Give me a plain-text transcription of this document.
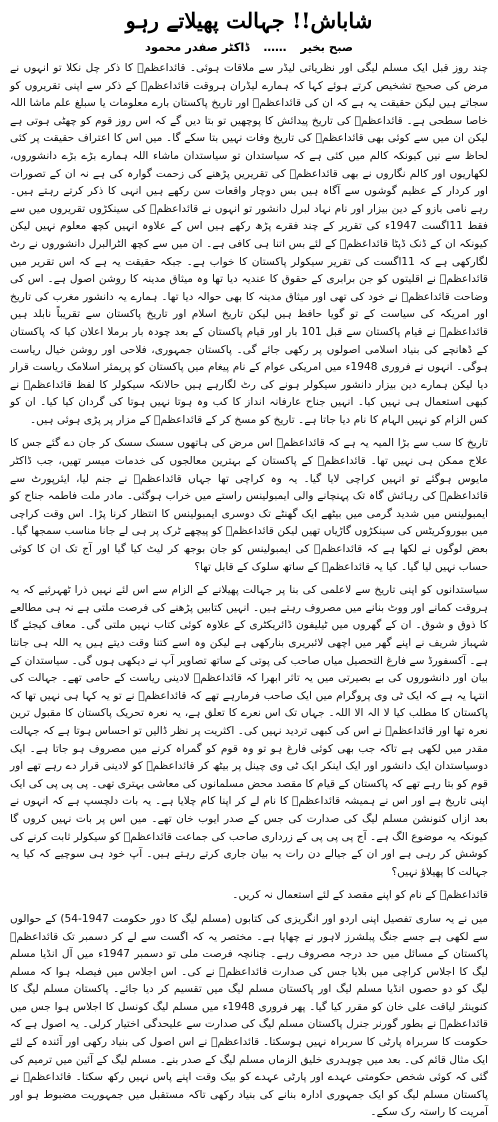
شاباش!! جہالت پھیلاتے رہو
صبح بخیر
……
ڈاکٹر صفدر محمود

چند روز قبل ایک مسلم لیگی اور نظریاتی لیڈر سے ملاقات ہوئی۔ قائداعظمؒ کا ذکر چل نکلا تو انہوں نے مرض کی صحیح تشخیص کرتے ہوئے کہا کہ ہمارے لیڈران ہروقت قائداعظمؒ کے ذکر سے اپنی تقریروں کو سجاتے ہیں لیکن حقیقت یہ ہے کہ ان کی قائداعظمؒ اور تاریخ پاکستان بارے معلومات یا سبلغ علم ماشا اللہ خاصا سطحی ہے۔ قائداعظمؒ کی تاریخ پیدائش کا پوچھیں تو بتا دیں گے کہ اس روز قوم کو چھٹی ہوتی ہے لیکن ان میں سے کوئی بھی قائداعظمؒ کی تاریخ وفات نہیں بتا سکے گا۔ میں اس کا اعتراف حقیقت پر کئی لحاظ سے نیں کیونکہ کالم میں کئی ہے کہ سیاستدان تو سیاستدان ماشاء اللہ ہمارے بڑے بڑے دانشوروں، لکھاریوں اور کالم نگاروں نے بھی قائداعظمؒ کی تقریریں پڑھنے کی زحمت گوارہ کی ہے نہ ان کے تصورات اور کردار کے عظیم گوشوں سے آگاہ ہیں بس دوچار واقعات سن رکھے ہیں انہی کا ذکر کرتے رہتے ہیں۔ رہے نامی بازو کے دین بیزار اور نام نہاد لبرل دانشور تو انہوں نے قائداعظمؒ کی سینکڑوں تقریروں میں سے فقط 11اگست 1947ء کی تقریر کے چند فقرے پڑھ رکھے ہیں اس کے علاوہ انہیں کچھ معلوم نہیں لیکن کیونکہ ان کے ڈنک ڈپٹا قائداعظمؒ کے لئے بس اتنا ہی کافی ہے۔ ان میں سے کچھ الٹرالبرل دانشوروں نے رٹ لگارکھی ہے کہ 11اگست کی تقریر سیکولر پاکستان کا خواب ہے۔ جبکہ حقیقت یہ ہے کہ اس تقریر میں قائداعظمؒ نے اقلیتوں کو جن برابری کے حقوق کا عندیہ دیا تھا وہ میثاق مدینہ کا روشن اصول ہے۔ اس کی وضاحت قائداعظمؒ نے خود کی تھی اور میثاق مدینہ کا بھی حوالہ دیا تھا۔ ہمارے یہ دانشور مغرب کی تاریخ اور امریکہ کی سیاست کے تو گویا حافظ ہیں لیکن تاریخ اسلام اور تاریخ پاکستان سے تقریباً نابلد ہیں قائداعظمؒ نے قیام پاکستان سے قبل 101 بار اور قیام پاکستان کے بعد چودہ بار برملا اعلان کیا کہ پاکستان کے ڈھانچے کی بنیاد اسلامی اصولوں پر رکھی جائے گی۔ پاکستان جمہوری، فلاحی اور روشن خیال ریاست ہوگی۔ انہوں نے فروری 1948ء میں امریکی عوام کے نام پیغام میں پاکستان کو پریمئر اسلامک ریاست قرار دیا لیکن ہمارے دین بیزار دانشور سیکولر ہونے کی رٹ لگارہے ہیں حالانکہ سیکولر کا لفظ قائداعظمؒ نے کبھی استعمال ہی نہیں کیا۔ انہیں جناح عارفانہ انداز کا کب وہ ہوتا نہیں ہوتا کی گردان کیا کیا۔ ان کو کس الزام کو نہیں الہام کا نام دیا جاتا ہے۔ تاریخ کو مسخ کر کے قائداعظمؒ کے مزار پر پڑی ہوئی ہیں۔

تاریخ کا سب سے بڑا المیہ یہ ہے کہ قائداعظمؒ اس مرض کی ہاتھوں سسک سسک کر جان دے گئے جس کا علاج ممکن ہی نہیں تھا۔ قائداعظمؒ کے پاکستان کے بہترین معالجوں کی خدمات میسر تھیں، جب ڈاکٹر مایوس ہوگئے تو انہیں کراچی لایا گیا۔ یہ وہ کراچی تھا جہاں قائداعظمؒ نے جنم لیا، ایئرپورٹ سے قائداعظمؒ کی رہائش گاہ تک پہنچانے والی ایمبولینس راستے میں خراب ہوگئی۔ مادر ملت فاطمہ جناح کو ایمبولینس میں شدید گرمی میں بیٹھے ایک گھنٹے تک دوسری ایمبولینس کا انتظار کرنا پڑا۔ اس وقت کراچی میں بیوروکریٹس کی سینکڑوں گاڑیاں تھیں لیکن قائداعظمؒ کو پیچھے ٹرک پر ہی لے جانا مناسب سمجھا گیا۔ بعض لوگوں نے لکھا ہے کہ قائداعظمؒ کی ایمبولینس کو جان بوجھ کر لیٹ کیا گیا اور آج تک ان کا کوئی حساب نہیں لیا گیا۔ کیا یہ قائداعظمؒ کے ساتھ سلوک کے قابل تھا؟

سیاستدانوں کو اپنی تاریخ سے لاعلمی کی بنا پر جہالت پھیلانے کے الزام سے اس لئے نہیں ذرا ٹھہرئیے کہ یہ ہروقت کمانے اور ووٹ بنانے میں مصروف رہتے ہیں۔ انہیں کتابیں پڑھنے کی فرصت ملتی ہے نہ ہی مطالعے کا ذوق و شوق۔ ان کے گھروں میں ٹیلیفون ڈائریکٹری کے علاوہ کوئی کتاب نہیں ملتی گی۔ معاف کیجئے گا شہباز شریف نے اپنے گھر میں اچھی لائبریری بنارکھی ہے لیکن وہ اسے کتنا وقت دیتے ہیں یہ اللہ ہی جانتا ہے۔ آکسفورڈ سے فارغ التحصیل میاں صاحب کی پوتی کے ساتھ تصاویر آپ نے دیکھی ہوں گی۔ سیاستدان کے بیان اور دانشوروں کی بے بصیرتی میں یہ تاثر ابھرا کہ قائداعظمؒ لادینی ریاست کے حامی تھے۔ جہالت کی انتہا یہ ہے کہ ایک ٹی وی پروگرام میں ایک صاحب فرمارہے تھے کہ قائداعظمؒ نے تو یہ کہا ہی نہیں تھا کہ پاکستان کا مطلب کیا لا الہ الا اللہ۔ جہاں تک اس نعرے کا تعلق ہے، یہ نعرہ تحریک پاکستان کا مقبول ترین نعرہ تھا اور قائداعظمؒ نے اس کی کبھی تردید نہیں کی۔ اکثریت پر نظر ڈالیں تو احساس ہوتا ہے کہ جہالت مقدر میں لکھی ہے تاکہ جب بھی کوئی فارغ ہو تو وہ قوم کو گمراہ کرنے میں مصروف ہو جاتا ہے۔ ایک دوسیاستدان ایک دانشور اور ایک اینکر ایک ٹی وی چینل پر بیٹھ کر قائداعظمؒ کو لادینی قرار دے رہے تھے اور قوم کو بتا رہے تھے کہ پاکستان کے قیام کا مقصد محض مسلمانوں کی معاشی بہتری تھی۔ پی پی پی کی ایک اپنی تاریخ ہے اور اس نے ہمیشہ قائداعظمؒ کا نام لے کر اپنا کام چلایا ہے۔ یہ بات دلچسپ ہے کہ انہوں نے بعد ازاں کنونشن مسلم لیگ کی صدارت کی جس کے صدر ایوب خان تھے۔ میں اس پر بات نہیں کروں گا کیونکہ یہ موضوع الگ ہے۔ آج پی پی پی کے زرداری صاحب کی جماعت قائداعظمؒ کو سیکولر ثابت کرنے کی کوشش کر رہی ہے اور ان کے جیالے دن رات یہ بیان جاری کرتے رہتے ہیں۔ آپ خود ہی سوچیے کہ کیا یہ جہالت کا پھیلاؤ نہیں؟

قائداعظمؒ کے نام کو اپنے مقصد کے لئے استعمال نہ کریں۔

میں نے یہ ساری تفصیل اپنی اردو اور انگریزی کی کتابوں (مسلم لیگ کا دور حکومت 1947-54) کے حوالوں سے لکھی ہے جسے جنگ پبلشرز لاہور نے چھاپا ہے۔ مختصر یہ کہ اگست سے لے کر دسمبر تک قائداعظمؒ پاکستان کے مسائل میں حد درجہ مصروف رہے۔ چنانچہ فرصت ملی تو دسمبر 1947ء میں آل انڈیا مسلم لیگ کا اجلاس کراچی میں بلایا جس کی صدارت قائداعظمؒ نے کی۔ اس اجلاس میں فیصلہ ہوا کہ مسلم لیگ کو دو حصوں انڈیا مسلم لیگ اور پاکستان مسلم لیگ میں تقسیم کر دیا جائے۔ پاکستان مسلم لیگ کا کنوینئر لیاقت علی خان کو مقرر کیا گیا۔ پھر فروری 1948ء میں مسلم لیگ کونسل کا اجلاس ہوا جس میں قائداعظمؒ نے بطور گورنر جنرل پاکستان مسلم لیگ کی صدارت سے علیحدگی اختیار کرلی۔ یہ اصول ہے کہ حکومت کا سربراہ پارٹی کا سربراہ نہیں ہوسکتا۔ قائداعظمؒ نے اس اصول کی بنیاد رکھی اور آئندہ کے لئے ایک مثال قائم کی۔ بعد میں چوہدری خلیق الزماں مسلم لیگ کے صدر بنے۔ مسلم لیگ کے آئین میں ترمیم کی گئی کہ کوئی شخص حکومتی عہدے اور پارٹی عہدے کو بیک وقت اپنے پاس نہیں رکھ سکتا۔ قائداعظمؒ نے پاکستان مسلم لیگ کو ایک جمہوری ادارہ بنانے کی بنیاد رکھی تاکہ مستقبل میں جمہوریت مضبوط ہو اور آمریت کا راستہ رک سکے۔
